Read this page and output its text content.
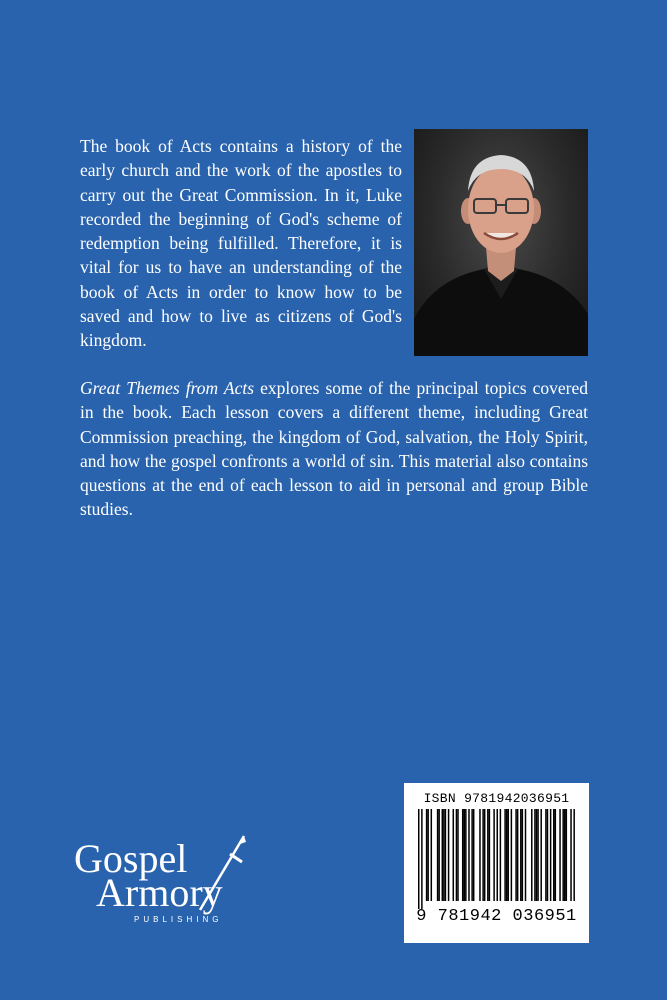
The book of Acts contains a history of the early church and the work of the apostles to carry out the Great Commission. In it, Luke recorded the beginning of God's scheme of redemption being fulfilled. Therefore, it is vital for us to have an understanding of the book of Acts in order to know how to be saved and how to live as citizens of God's kingdom.

Great Themes from Acts explores some of the principal topics covered in the book. Each lesson covers a different theme, including Great Commission preaching, the kingdom of God, salvation, the Holy Spirit, and how the gospel confronts a world of sin. This material also contains questions at the end of each lesson to aid in personal and group Bible studies.

Gospel
Armory
PUBLISHING
ISBN 9781942036951
9 781942 036951
